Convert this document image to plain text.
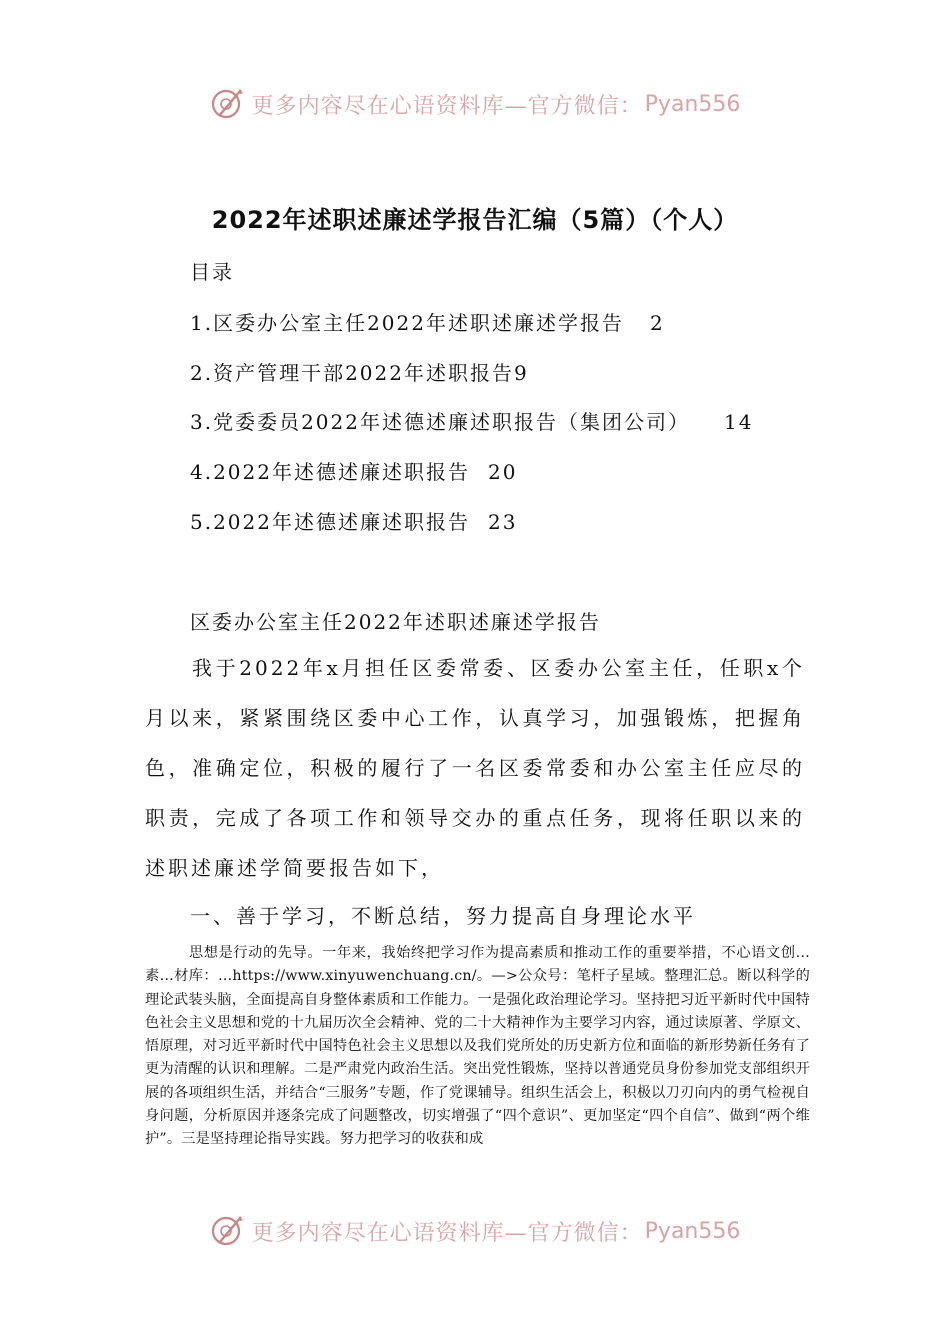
更多内容尽在心语资料库—官方微信： Pyan556
2022年述职述廉述学报告汇编（5篇）（个人）
目录
1.区委办公室主任2022年述职述廉述学报告 2
2.资产管理干部2022年述职报告9
3.党委委员2022年述德述廉述职报告（集团公司） 14
4.2022年述德述廉述职报告 20
5.2022年述德述廉述职报告 23
区委办公室主任2022年述职述廉述学报告
我于2022年x月担任区委常委、区委办公室主任，任职x个月以来，紧紧围绕区委中心工作，认真学习，加强锻炼，把握角色，准确定位，积极的履行了一名区委常委和办公室主任应尽的职责，完成了各项工作和领导交办的重点任务，现将任职以来的述职述廉述学简要报告如下，
一、善于学习，不断总结，努力提高自身理论水平
思想是行动的先导。一年来，我始终把学习作为提高素质和推动工作的重要举措，不心语文创…素…材库：…https://www.xinyuwenchuang.cn/。—>公众号：笔杆子星域。整理汇总。断以科学的理论武装头脑，全面提高自身整体素质和工作能力。一是强化政治理论学习。坚持把习近平新时代中国特色社会主义思想和党的十九届历次全会精神、党的二十大精神作为主要学习内容，通过读原著、学原文、悟原理，对习近平新时代中国特色社会主义思想以及我们党所处的历史新方位和面临的新形势新任务有了更为清醒的认识和理解。二是严肃党内政治生活。突出党性锻炼，坚持以普通党员身份参加党支部组织开展的各项组织生活，并结合“三服务”专题，作了党课辅导。组织生活会上，积极以刀刃向内的勇气检视自身问题，分析原因并逐条完成了问题整改，切实增强了“四个意识”、更加坚定“四个自信”、做到“两个维护”。三是坚持理论指导实践。努力把学习的收获和成
更多内容尽在心语资料库—官方微信： Pyan556
